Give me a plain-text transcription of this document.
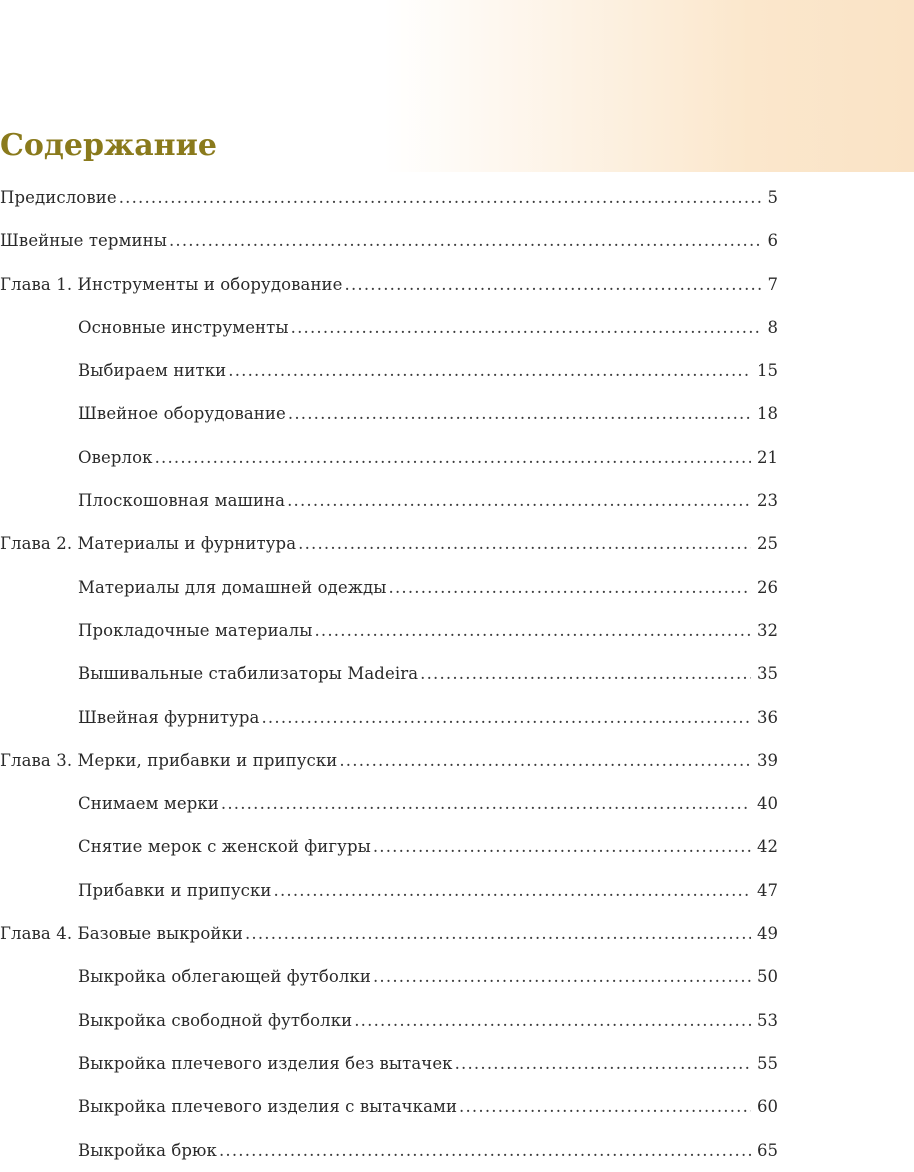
Содержание
Предисловие .....	5
Швейные термины .....	6
Глава 1. Инструменты и оборудование .....	7
Основные инструменты .....	8
Выбираем нитки .....	15
Швейное оборудование .....	18
Оверлок .....	21
Плоскошовная машина .....	23
Глава 2. Материалы и фурнитура .....	25
Материалы для домашней одежды .....	26
Прокладочные материалы .....	32
Вышивальные стабилизаторы Madeira .....	35
Швейная фурнитура .....	36
Глава 3. Мерки, прибавки и припуски .....	39
Снимаем мерки .....	40
Снятие мерок с женской фигуры .....	42
Прибавки и припуски .....	47
Глава 4. Базовые выкройки .....	49
Выкройка облегающей футболки .....	50
Выкройка свободной футболки .....	53
Выкройка плечевого изделия без вытачек .....	55
Выкройка плечевого изделия с вытачками .....	60
Выкройка брюк .....	65
